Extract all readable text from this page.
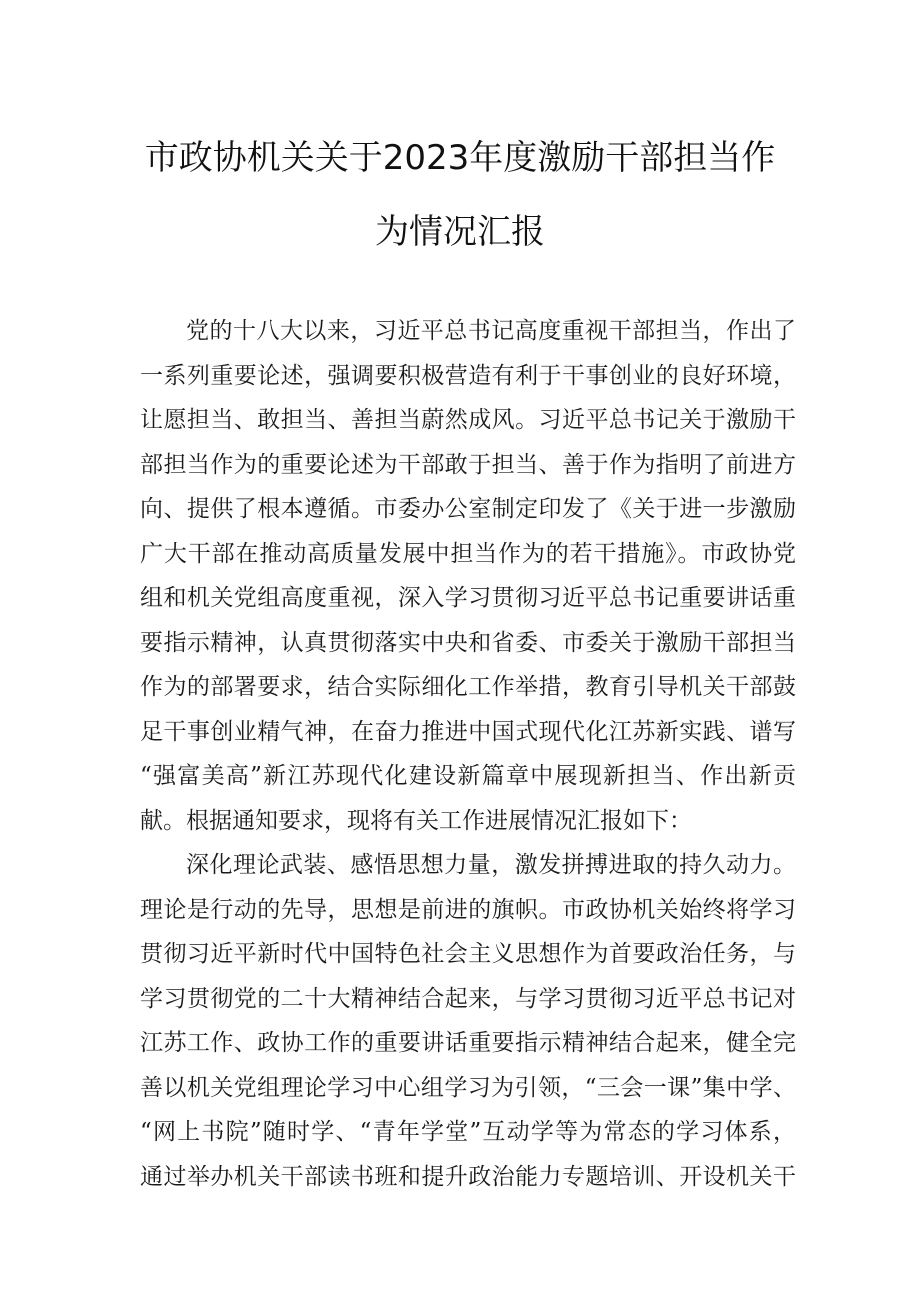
市政协机关关于2023年度激励干部担当作
为情况汇报
党的十八大以来，习近平总书记高度重视干部担当，作出了
一系列重要论述，强调要积极营造有利于干事创业的良好环境，
让愿担当、敢担当、善担当蔚然成风。习近平总书记关于激励干
部担当作为的重要论述为干部敢于担当、善于作为指明了前进方
向、提供了根本遵循。市委办公室制定印发了《关于进一步激励
广大干部在推动高质量发展中担当作为的若干措施》。市政协党
组和机关党组高度重视，深入学习贯彻习近平总书记重要讲话重
要指示精神，认真贯彻落实中央和省委、市委关于激励干部担当
作为的部署要求，结合实际细化工作举措，教育引导机关干部鼓
足干事创业精气神，在奋力推进中国式现代化江苏新实践、谱写
“强富美高”新江苏现代化建设新篇章中展现新担当、作出新贡
献。根据通知要求，现将有关工作进展情况汇报如下：
深化理论武装、感悟思想力量，激发拼搏进取的持久动力。
理论是行动的先导，思想是前进的旗帜。市政协机关始终将学习
贯彻习近平新时代中国特色社会主义思想作为首要政治任务，与
学习贯彻党的二十大精神结合起来，与学习贯彻习近平总书记对
江苏工作、政协工作的重要讲话重要指示精神结合起来，健全完
善以机关党组理论学习中心组学习为引领，“三会一课”集中学、
“网上书院”随时学、“青年学堂”互动学等为常态的学习体系，
通过举办机关干部读书班和提升政治能力专题培训、开设机关干
